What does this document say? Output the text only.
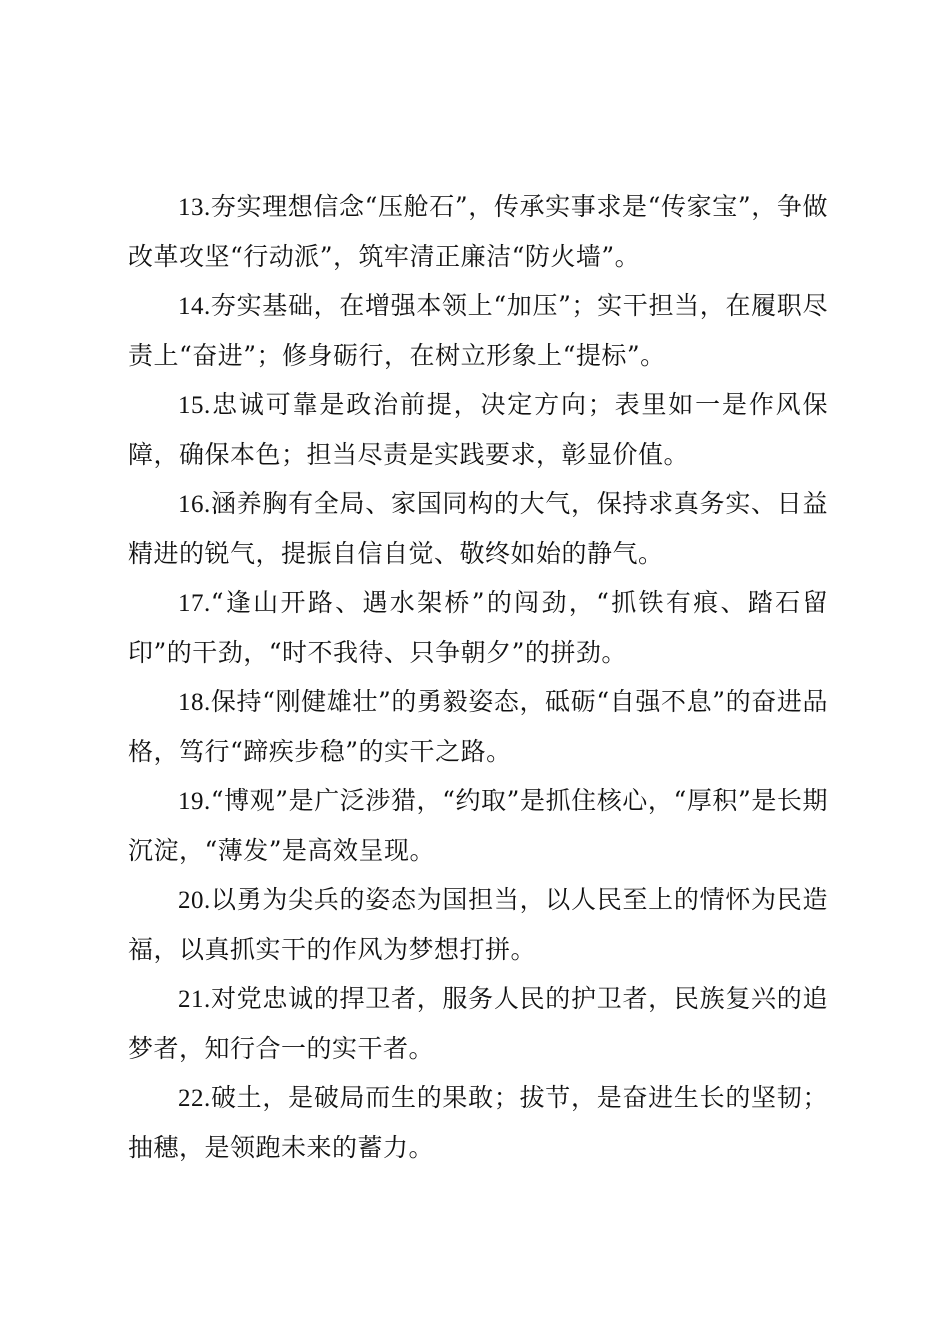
13.夯实理想信念“压舱石”，传承实事求是“传家宝”，争做改革攻坚“行动派”，筑牢清正廉洁“防火墙”。

14.夯实基础，在增强本领上“加压”；实干担当，在履职尽责上“奋进”；修身砺行，在树立形象上“提标”。

15.忠诚可靠是政治前提，决定方向；表里如一是作风保障，确保本色；担当尽责是实践要求，彰显价值。

16.涵养胸有全局、家国同构的大气，保持求真务实、日益精进的锐气，提振自信自觉、敬终如始的静气。

17.“逢山开路、遇水架桥”的闯劲，“抓铁有痕、踏石留印”的干劲，“时不我待、只争朝夕”的拼劲。

18.保持“刚健雄壮”的勇毅姿态，砥砺“自强不息”的奋进品格，笃行“蹄疾步稳”的实干之路。

19.“博观”是广泛涉猎，“约取”是抓住核心，“厚积”是长期沉淀，“薄发”是高效呈现。

20.以勇为尖兵的姿态为国担当，以人民至上的情怀为民造福，以真抓实干的作风为梦想打拼。

21.对党忠诚的捍卫者，服务人民的护卫者，民族复兴的追梦者，知行合一的实干者。

22.破土，是破局而生的果敢；拔节，是奋进生长的坚韧；抽穗，是领跑未来的蓄力。
